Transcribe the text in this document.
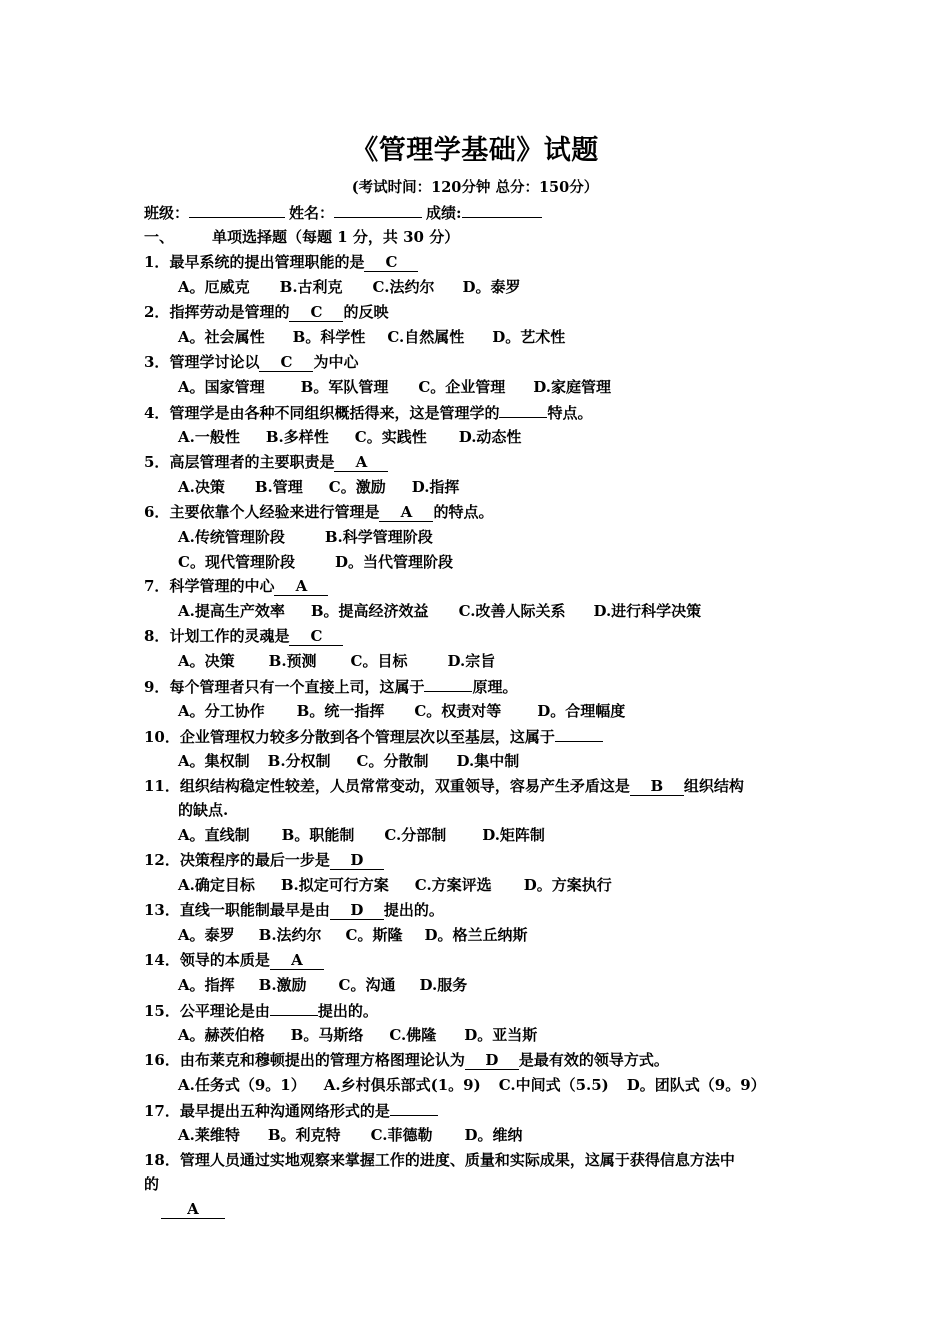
《管理学基础》试题
(考试时间：120分钟 总分：150分）
班级：	姓名：	成绩:
一、	单项选择题（每题 1 分，共 30 分）
1．最早系统的提出管理职能的是 C
A。厄威克 B.古利克 C.法约尔 D。泰罗
2．指挥劳动是管理的 C 的反映
A。社会属性 B。科学性 C.自然属性 D。艺术性
3．管理学讨论以 C 为中心
A。国家管理 B。军队管理 C。企业管理 D.家庭管理
4．管理学是由各种不同组织概括得来，这是管理学的	特点。
A.一般性 B.多样性 C。实践性 D.动态性
5．高层管理者的主要职责是 A
A.决策 B.管理 C。激励 D.指挥
6．主要依靠个人经验来进行管理是 A 的特点。
A.传统管理阶段	B.科学管理阶段
C。现代管理阶段	D。当代管理阶段
7．科学管理的中心 A
A.提高生产效率 B。提高经济效益 C.改善人际关系 D.进行科学决策
8．计划工作的灵魂是 C
A。决策 B.预测 C。目标	D.宗旨
9．每个管理者只有一个直接上司，这属于	原理。
A。分工协作 B。统一指挥 C。权责对等 D。合理幅度
10．企业管理权力较多分散到各个管理层次以至基层，这属于
A。集权制 B.分权制 C。分散制 D.集中制
11．组织结构稳定性较差，人员常常变动，双重领导，容易产生矛盾这是 B 组织结构
的缺点.
A。直线制 B。职能制 C.分部制 D.矩阵制
12．决策程序的最后一步是 D
A.确定目标 B.拟定可行方案 C.方案评选 D。方案执行
13．直线一职能制最早是由 D 提出的。
A。泰罗 B.法约尔 C。斯隆 D。格兰丘纳斯
14．领导的本质是 A
A。指挥 B.激励 C。沟通 D.服务
15．公平理论是由	提出的。
A。赫茨伯格 B。马斯络 C.佛隆 D。亚当斯
16．由布莱克和穆顿提出的管理方格图理论认为 D 是最有效的领导方式。
A.任务式（9。1） A.乡村俱乐部式(1。9) C.中间式（5.5) D。团队式（9。9）
17．最早提出五种沟通网络形式的是
A.莱维特 B。利克特 C.菲德勒 D。维纳
18．管理人员通过实地观察来掌握工作的进度、质量和实际成果，这属于获得信息方法中
的
A
